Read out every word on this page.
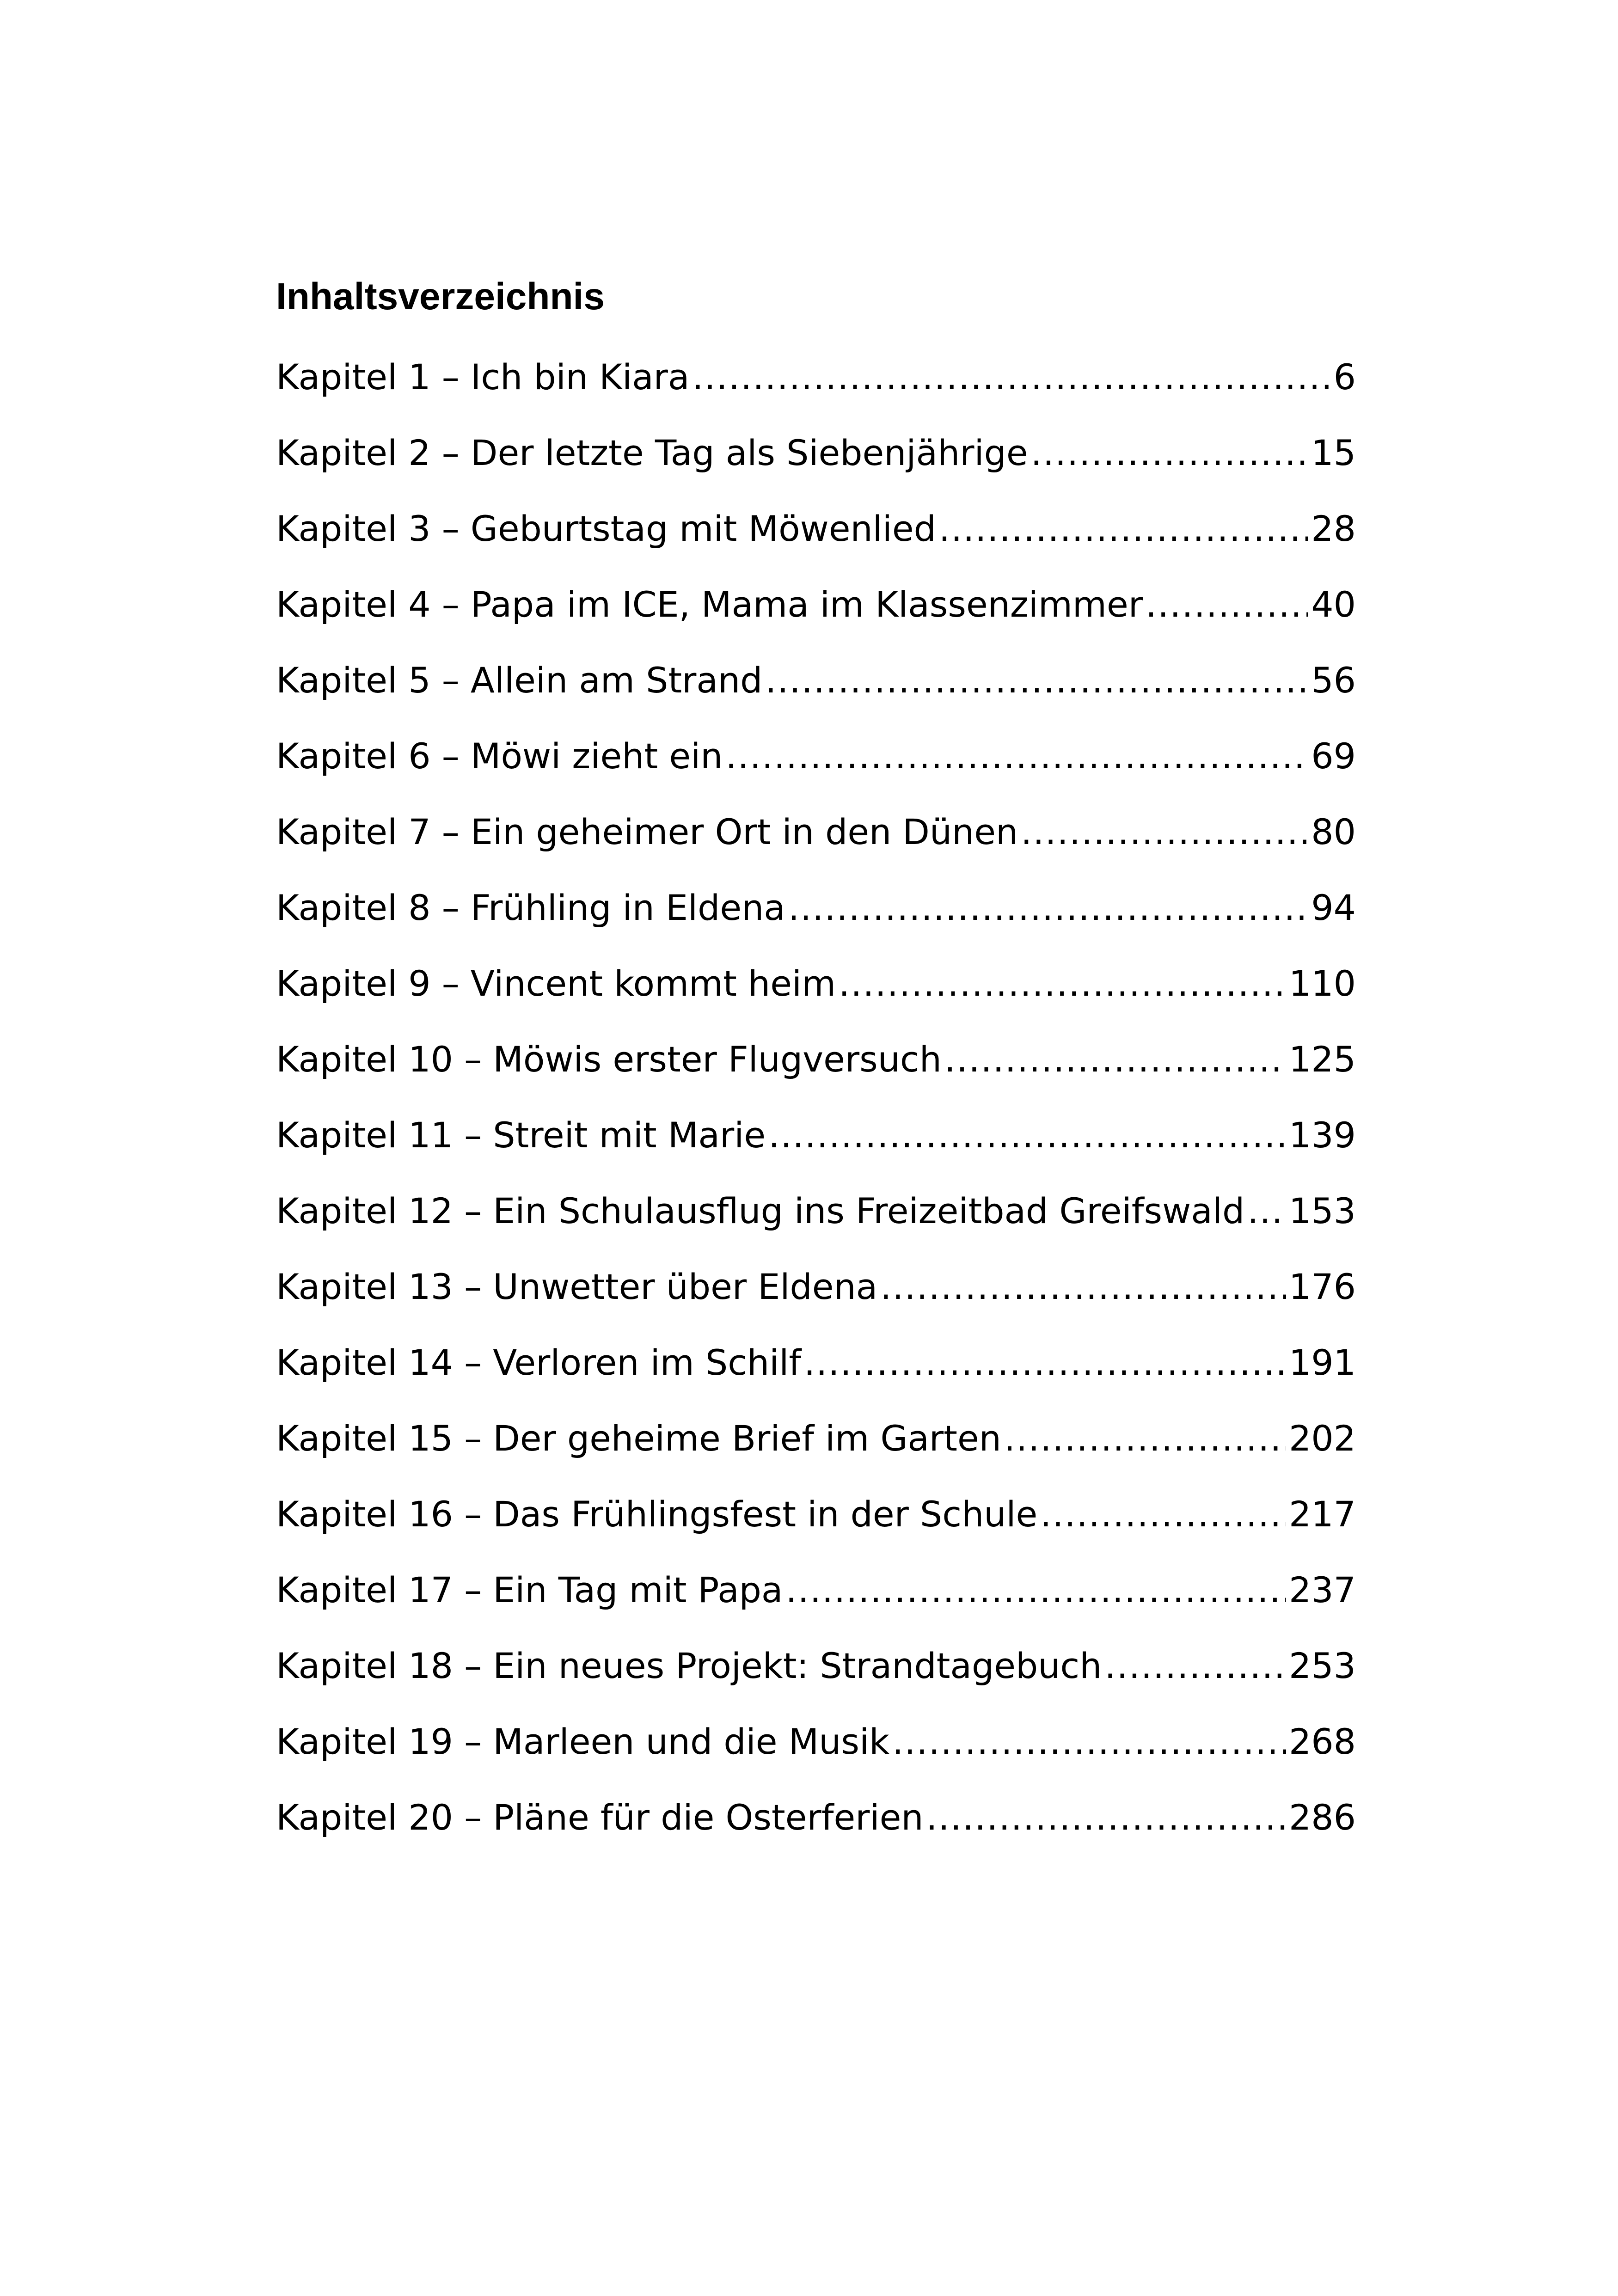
Inhaltsverzeichnis
Kapitel 1 – Ich bin Kiara .....	6
Kapitel 2 – Der letzte Tag als Siebenjährige .....	15
Kapitel 3 – Geburtstag mit Möwenlied .....	28
Kapitel 4 – Papa im ICE, Mama im Klassenzimmer .....	40
Kapitel 5 – Allein am Strand .....	56
Kapitel 6 – Möwi zieht ein .....	69
Kapitel 7 – Ein geheimer Ort in den Dünen .....	80
Kapitel 8 – Frühling in Eldena .....	94
Kapitel 9 – Vincent kommt heim .....	110
Kapitel 10 – Möwis erster Flugversuch .....	125
Kapitel 11 – Streit mit Marie .....	139
Kapitel 12 – Ein Schulausflug ins Freizeitbad Greifswald ..... 153
Kapitel 13 – Unwetter über Eldena .....	176
Kapitel 14 – Verloren im Schilf .....	191
Kapitel 15 – Der geheime Brief im Garten .....	202
Kapitel 16 – Das Frühlingsfest in der Schule .....	217
Kapitel 17 – Ein Tag mit Papa .....	237
Kapitel 18 – Ein neues Projekt: Strandtagebuch .....	253
Kapitel 19 – Marleen und die Musik .....	268
Kapitel 20 – Pläne für die Osterferien .....	286
